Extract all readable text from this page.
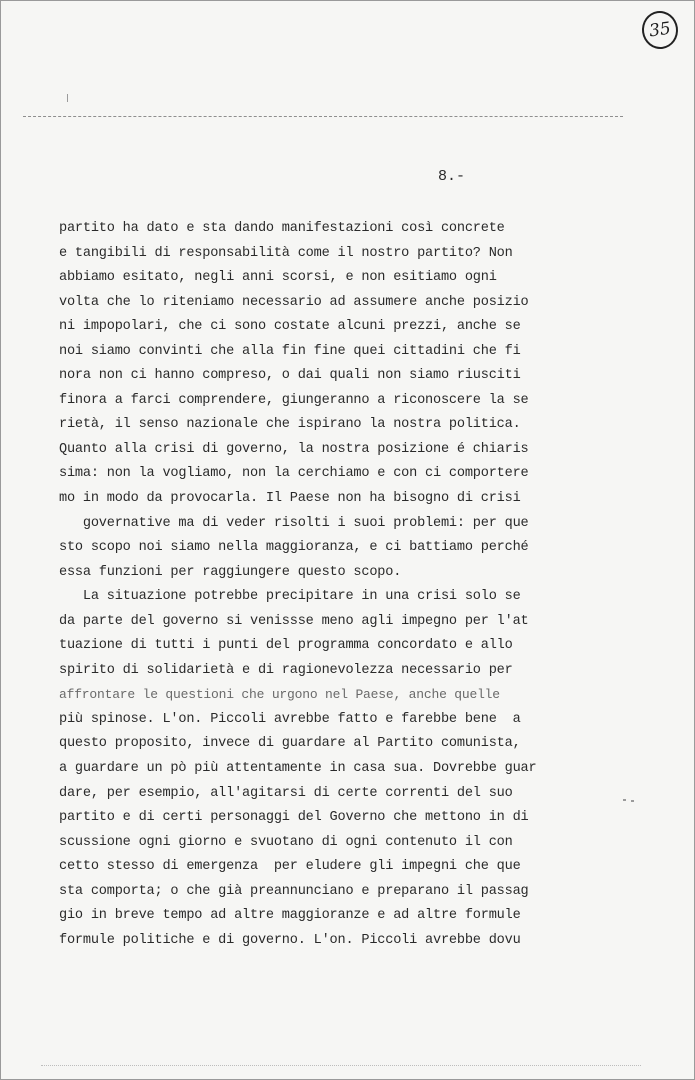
35
8.-
partito ha dato e sta dando manifestazioni così concrete
e tangibili di responsabilità come il nostro partito? Non
abbiamo esitato, negli anni scorsi, e non esitiamo ogni
volta che lo riteniamo necessario ad assumere anche posizio
ni impopolari, che ci sono costate alcuni prezzi, anche se
noi siamo convinti che alla fin fine quei cittadini che fi
nora non ci hanno compreso, o dai quali non siamo riusciti
finora a farci comprendere, giungeranno a riconoscere la se
rietà, il senso nazionale che ispirano la nostra politica.
Quanto alla crisi di governo, la nostra posizione é chiaris
sima: non la vogliamo, non la cerchiamo e con ci comportere
mo in modo da provocarla. Il Paese non ha bisogno di crisi
governative ma di veder risolti i suoi problemi: per que
sto scopo noi siamo nella maggioranza, e ci battiamo perché
essa funzioni per raggiungere questo scopo.
La situazione potrebbe precipitare in una crisi solo se
da parte del governo si venissse meno agli impegno per l'at
tuazione di tutti i punti del programma concordato e allo
spirito di solidarietà e di ragionevolezza necessario per
affrontare le questioni che urgono nel Paese, anche quelle
più spinose. L'on. Piccoli avrebbe fatto e farebbe bene  a
questo proposito, invece di guardare al Partito comunista,
a guardare un pò più attentamente in casa sua. Dovrebbe guar
dare, per esempio, all'agitarsi di certe correnti del suo
partito e di certi personaggi del Governo che mettono in di
scussione ogni giorno e svuotano di ogni contenuto il con
cetto stesso di emergenza  per eludere gli impegni che que
sta comporta; o che già preannunciano e preparano il passag
gio in breve tempo ad altre maggioranze e ad altre formule
formule politiche e di governo. L'on. Piccoli avrebbe dovu
